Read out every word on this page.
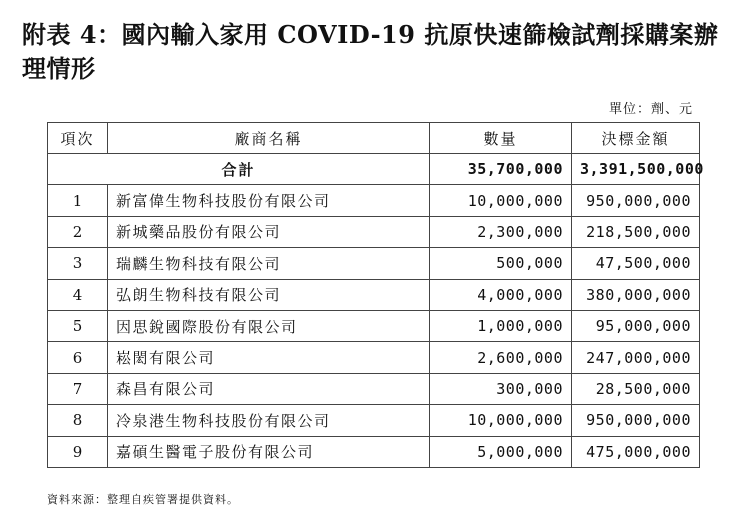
附表 4：國內輸入家用 COVID-19 抗原快速篩檢試劑採購案辦理情形
單位：劑、元
項次	廠商名稱	數量	決標金額
合計		35,700,000	3,391,500,000
1	新富偉生物科技股份有限公司	10,000,000	950,000,000
2	新城藥品股份有限公司	2,300,000	218,500,000
3	瑞麟生物科技有限公司	500,000	47,500,000
4	弘朗生物科技有限公司	4,000,000	380,000,000
5	因思銳國際股份有限公司	1,000,000	95,000,000
6	崧閎有限公司	2,600,000	247,000,000
7	森昌有限公司	300,000	28,500,000
8	冷泉港生物科技股份有限公司	10,000,000	950,000,000
9	嘉碩生醫電子股份有限公司	5,000,000	475,000,000
資料來源：整理自疾管署提供資料。
